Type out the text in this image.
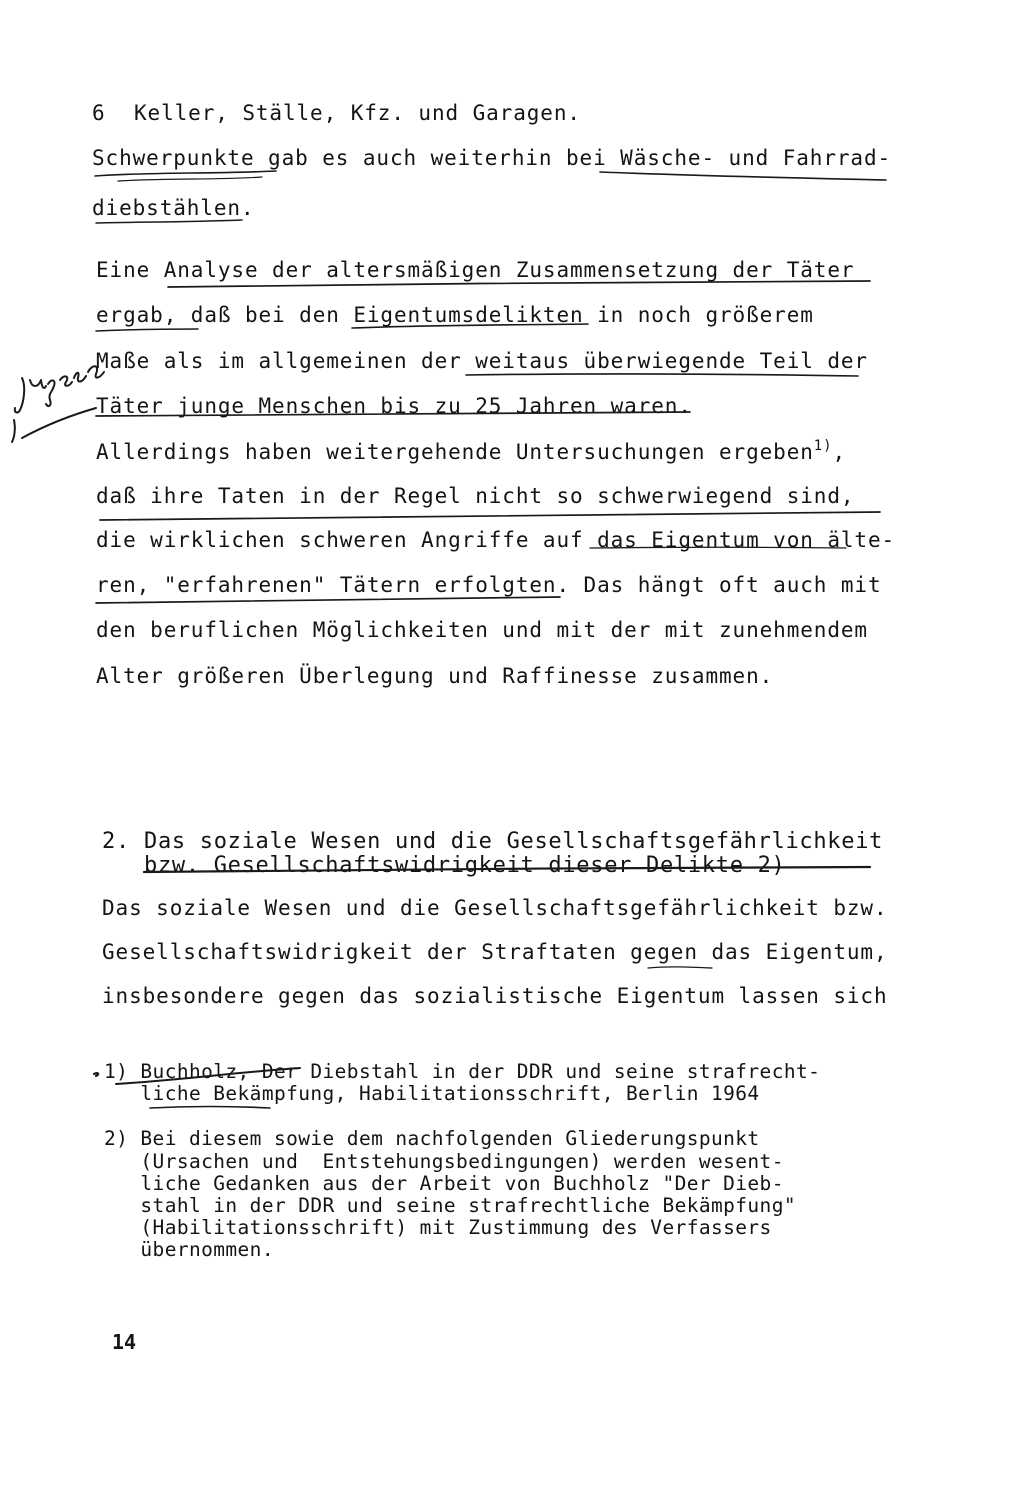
6 Keller, Ställe, Kfz. und Garagen.
Schwerpunkte gab es auch weiterhin bei Wäsche- und Fahrrad-
diebstählen.
Eine Analyse der altersmäßigen Zusammensetzung der Täter
ergab, daß bei den Eigentumsdelikten in noch größerem
Maße als im allgemeinen der weitaus überwiegende Teil der
Täter junge Menschen bis zu 25 Jahren waren.
Allerdings haben weitergehende Untersuchungen ergeben$^{1)}$,
daß ihre Taten in der Regel nicht so schwerwiegend sind,
die wirklichen schweren Angriffe auf das Eigentum von älte-
ren, "erfahrenen" Tätern erfolgten. Das hängt oft auch mit
den beruflichen Möglichkeiten und mit der mit zunehmendem
Alter größeren Überlegung und Raffinesse zusammen.
2. Das soziale Wesen und die Gesellschaftsgefährlichkeit
bzw. Gesellschaftswidrigkeit dieser Delikte 2)
Das soziale Wesen und die Gesellschaftsgefährlichkeit bzw.
Gesellschaftswidrigkeit der Straftaten gegen das Eigentum,
insbesondere gegen das sozialistische Eigentum lassen sich
1) Buchholz, Der Diebstahl in der DDR und seine strafrecht-
liche Bekämpfung, Habilitationsschrift, Berlin 1964
2) Bei diesem sowie dem nachfolgenden Gliederungspunkt
(Ursachen und  Entstehungsbedingungen) werden wesent-
liche Gedanken aus der Arbeit von Buchholz "Der Dieb-
stahl in der DDR und seine strafrechtliche Bekämpfung"
(Habilitationsschrift) mit Zustimmung des Verfassers
übernommen.
14
